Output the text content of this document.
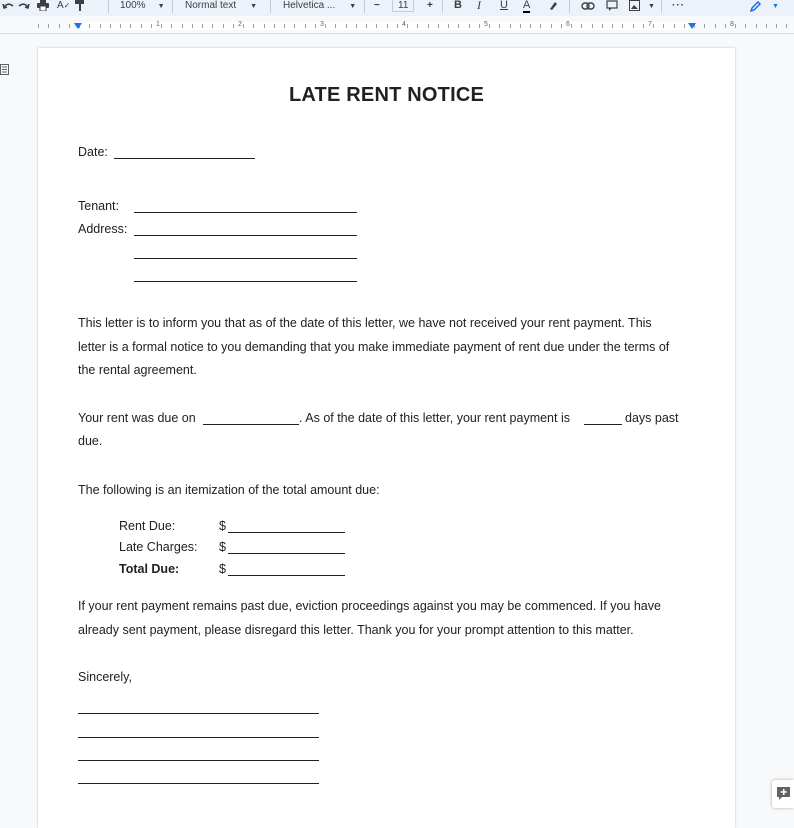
A✓	100% ▼ Normal text ▼	Helvetica ... ▼ −	11	+ B I U A	▼ ···	▼
1	2	3	4	5	6	7	8
LATE RENT NOTICE
Date:
Tenant:
Address:
This letter is to inform you that as of the date of this letter, we have not received your rent payment. This
letter is a formal notice to you demanding that you make immediate payment of rent due under the terms of
the rental agreement.
Your rent was due on	. As of the date of this letter, your rent payment is	days past
due.
The following is an itemization of the total amount due:
Rent Due:	$
Late Charges: $
Total Due:	$
If your rent payment remains past due, eviction proceedings against you may be commenced. If you have
already sent payment, please disregard this letter. Thank you for your prompt attention to this matter.
Sincerely,
